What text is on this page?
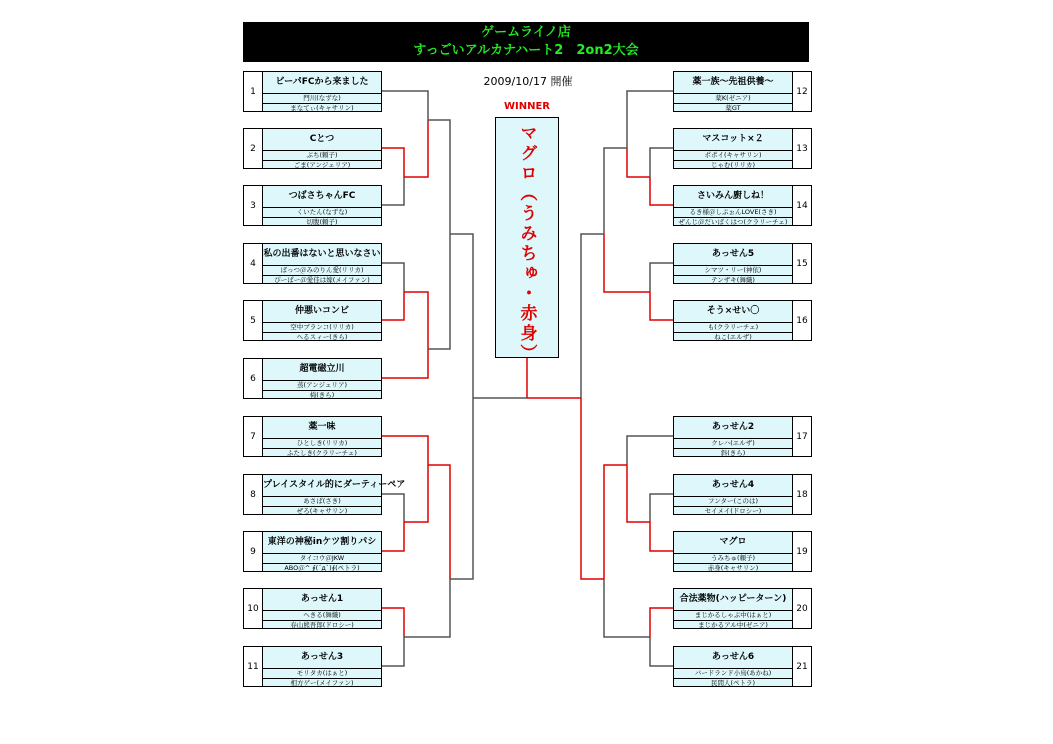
ゲームライノ店
すっごいアルカナハート2　2on2大会
2009/10/17 開催
WINNER
マグロ（うみちゅ・赤身）
1
ビーパFCから来ました
門川(なずな)
まなてぃ(キャサリン)
2
Cとつ
ぶち(頼子)
ごま(アンジェリア)
3
つばさちゃんFC
くいたん(なずな)
切腹(頼子)
4
私の出番はないと思いなさい
ばっつ＠みのりん愛(リリカ)
ぴーぱー＠愛佳は嫁(メイファン)
5
仲悪いコンビ
空中ブランコ(リリカ)
へるスィー(きら)
6
超電磁立川
蒸(アンジェリア)
椅(きら)
7
薬一味
ひとしき(リリカ)
ふたしき(クラリーチェ)
8
プレイスタイル的にダーティーペア
あさば(さき)
ぜろ(キャサリン)
9
東洋の神秘inケツ割りパシ
タイコウ＠JKW
ABO＠^ ∮(´д`)∮(ペトラ)
10
あっせん1
へきる(舞織)
春山熊吾郎(ドロシー)
11
あっせん3
モリタカ(はぁと)
相方ゲー(メイファン)
12
薬一族～先祖供養～
薬K(ゼニア)
薬GT
13
マスコット×２
ポポイ(キャサリン)
じゃむ(リリカ)
14
さいみん廚しね！
るき様＠しぶぉんLOVE(さき)
ぜんじ＠だいばくはつ(クラリーチェ)
15
あっせん5
シマツ・リー(神依)
テンザキ(舞織)
16
そう×せい〇
も(クラリーチェ)
ねこ(エルザ)
17
あっせん2
クレハ(エルザ)
斜(きら)
18
あっせん4
フンター(このは)
セイメイ(ドロシー)
19
マグロ
うみちゅ(頼子)
赤身(キャサリン)
20
合法薬物(ハッピーターン)
まじかるしゃぶ中(はぁと)
まじかるアル中(ゼニア)
21
あっせん6
バードランド小鳥(あかね)
民間人(ペトラ)
